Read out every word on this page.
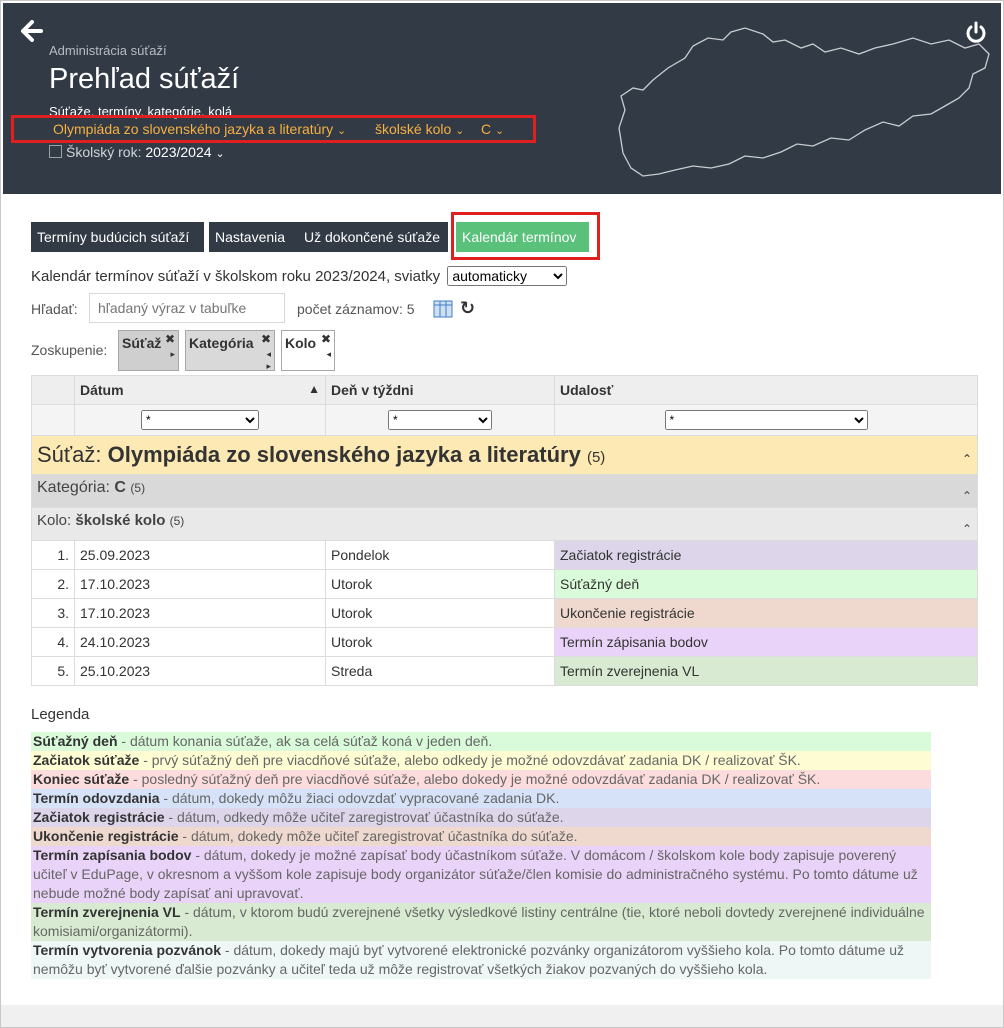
Administrácia súťaží
Prehľad súťaží
Súťaže, termíny, kategórie, kolá
Olympiáda zo slovenského jazyka a literatúry ⌄ školské kolo ⌄ C ⌄
Školský rok: 2023/2024 ⌄
Termíny budúcich súťaží	Nastavenia	Už dokončené súťaže	Kalendár termínov
Kalendár termínov súťaží v školskom roku 2023/2024, sviatky
automaticky
Hľadať:
hľadaný výraz v tabuľke	počet záznamov: 5	↻
Zoskupenie: Súťaž ✖
▸
Kategória ✖
◂
▸
Kolo ✖
◂
	Dátum ▲	Deň v týždni	Udalosť

*	
*	
*
Súťaž: Olympiáda zo slovenského jazyka a literatúry (5) ⌃			

Kategória: C (5)
⌃			

Kolo: školské kolo (5)
⌃			

1.	25.09.2023	Pondelok	Začiatok registrácie
2.	17.10.2023	Utorok	Súťažný deň
3.	17.10.2023	Utorok	Ukončenie registrácie
4.	24.10.2023	Utorok	Termín zápisania bodov
5.	25.10.2023	Streda	Termín zverejnenia VL
Legenda
Súťažný deň - dátum konania súťaže, ak sa celá súťaž koná v jeden deň.
Začiatok súťaže - prvý súťažný deň pre viacdňové súťaže, alebo odkedy je možné odovzdávať zadania DK / realizovať ŠK.
Koniec súťaže - posledný súťažný deň pre viacdňové súťaže, alebo dokedy je možné odovzdávať zadania DK / realizovať ŠK.
Termín odovzdania - dátum, dokedy môžu žiaci odovzdať vypracované zadania DK.
Začiatok registrácie - dátum, odkedy môže učiteľ zaregistrovať účastníka do súťaže.
Ukončenie registrácie - dátum, dokedy môže učiteľ zaregistrovať účastníka do súťaže.
Termín zapísania bodov - dátum, dokedy je možné zapísať body účastníkom súťaže. V domácom / školskom kole body zapisuje poverený učiteľ v EduPage, v okresnom a vyššom kole zapisuje body organizátor súťaže/člen komisie do administračného systému. Po tomto dátume už nebude možné body zapísať ani upravovať.
Termín zverejnenia VL - dátum, v ktorom budú zverejnené všetky výsledkové listiny centrálne (tie, ktoré neboli dovtedy zverejnené individuálne komisiami/organizátormi).
Termín vytvorenia pozvánok - dátum, dokedy majú byť vytvorené elektronické pozvánky organizátorom vyššieho kola. Po tomto dátume už nemôžu byť vytvorené ďalšie pozvánky a učiteľ teda už môže registrovať všetkých žiakov pozvaných do vyššieho kola.
